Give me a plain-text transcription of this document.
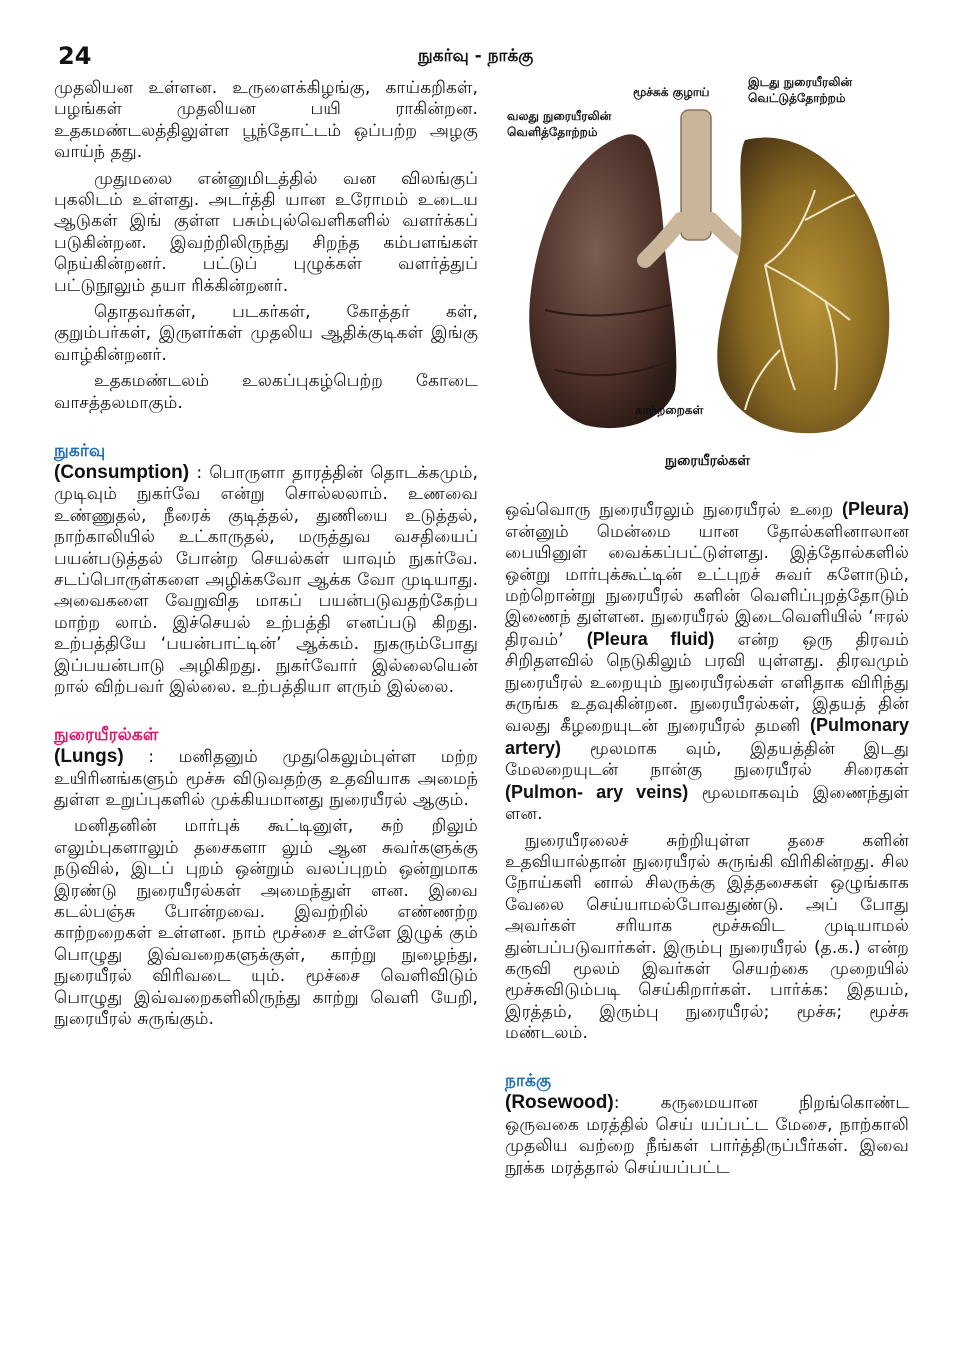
24	நுகர்வு - நாக்கு

முதலியன உள்ளன. உருளைக்கிழங்கு, காய்கறிகள், பழங்கள் முதலியன பயி ராகின்றன. உதகமண்டலத்திலுள்ள பூந்தோட்டம் ஒப்பற்ற அழகு வாய்ந் தது.

முதுமலை என்னுமிடத்தில் வன விலங்குப் புகலிடம் உள்ளது. அடர்த்தி யான உரோமம் உடைய ஆடுகள் இங் குள்ள பசும்புல்வெளிகளில் வளர்க்கப் படுகின்றன. இவற்றிலிருந்து சிறந்த கம்பளங்கள் நெய்கின்றனர். பட்டுப் புழுக்கள் வளர்த்துப் பட்டுநூலும் தயா ரிக்கின்றனர்.

தொதவர்கள், படகர்கள், கோத்தர் கள், குறும்பர்கள், இருளர்கள் முதலிய ஆதிக்குடிகள் இங்கு வாழ்கின்றனர்.

உதகமண்டலம் உலகப்புகழ்பெற்ற கோடை வாசத்தலமாகும்.

நுகர்வு
(Consumption) : பொருளா தாரத்தின் தொடக்கமும், முடிவும் நுகர்வே என்று சொல்லலாம். உணவை உண்ணுதல், நீரைக் குடித்தல், துணியை உடுத்தல், நாற்காலியில் உட்காருதல், மருத்துவ வசதியைப் பயன்படுத்தல் போன்ற செயல்கள் யாவும் நுகர்வே. சடப்பொருள்களை அழிக்கவோ ஆக்க வோ முடியாது. அவைகளை வேறுவித மாகப் பயன்படுவதற்கேற்ப மாற்ற லாம். இச்செயல் உற்பத்தி எனப்படு கிறது. உற்பத்தியே ‘பயன்பாட்டின்’ ஆக்கம். நுகரும்போது இப்பயன்பாடு அழிகிறது. நுகர்வோர் இல்லையென் றால் விற்பவர் இல்லை. உற்பத்தியா ளரும் இல்லை.

நுரையீரல்கள்
(Lungs) : மனிதனும் முதுகெலும்புள்ள மற்ற உயிரினங்களும் மூச்சு விடுவதற்கு உதவியாக அமைந் துள்ள உறுப்புகளில் முக்கியமானது நுரையீரல் ஆகும்.

மனிதனின் மார்புக் கூட்டினுள், சுற் றிலும் எலும்புகளாலும் தசைகளா லும் ஆன சுவர்களுக்கு நடுவில், இடப் புறம் ஒன்றும் வலப்புறம் ஒன்றுமாக இரண்டு நுரையீரல்கள் அமைந்துள் ளன. இவை கடல்பஞ்சு போன்றவை. இவற்றில் எண்ணற்ற காற்றறைகள் உள்ளன. நாம் மூச்சை உள்ளே இழுக் கும் பொழுது இவ்வறைகளுக்குள், காற்று நுழைந்து, நுரையீரல் விரிவடை யும். மூச்சை வெளிவிடும் பொழுது இவ்வறைகளிலிருந்து காற்று வெளி யேறி, நுரையீரல் சுருங்கும்.

மூச்சுக் குழாய்
இடது நுரையீரலின் வெட்டுத்தோற்றம்
வலது நுரையீரலின் வெளித்தோற்றம்
காற்றறைகள்
நுரையீரல்கள்

ஒவ்வொரு நுரையீரலும் நுரையீரல் உறை (Pleura) என்னும் மென்மை யான தோல்களினாலான பையினுள் வைக்கப்பட்டுள்ளது. இத்தோல்களில் ஒன்று மார்புக்கூட்டின் உட்புறச் சுவர் களோடும், மற்றொன்று நுரையீரல் களின் வெளிப்புறத்தோடும் இணைந் துள்ளன. நுரையீரல் இடைவெளியில் ‘ஈரல் திரவம்’ (Pleura fluid) என்ற ஒரு திரவம் சிறிதளவில் நெடுகிலும் பரவி யுள்ளது. திரவமும் நுரையீரல் உறையும் நுரையீரல்கள் எளிதாக விரிந்து சுருங்க உதவுகின்றன. நுரையீரல்கள், இதயத் தின் வலது கீழறையுடன் நுரையீரல் தமனி (Pulmonary artery) மூலமாக வும், இதயத்தின் இடது மேலறையுடன் நான்கு நுரையீரல் சிரைகள் (Pulmon- ary veins) மூலமாகவும் இணைந்துள் ளன.

நுரையீரலைச் சுற்றியுள்ள தசை களின் உதவியால்தான் நுரையீரல் சுருங்கி விரிகின்றது. சில நோய்களி னால் சிலருக்கு இத்தசைகள் ஒழுங்காக வேலை செய்யாமல்போவதுண்டு. அப் போது அவர்கள் சரியாக மூச்சுவிட முடியாமல் துன்பப்படுவார்கள். இரும்பு நுரையீரல் (த.க.) என்ற கருவி மூலம் இவர்கள் செயற்கை முறையில் மூச்சுவிடும்படி செய்கிறார்கள். பார்க்க: இதயம், இரத்தம், இரும்பு நுரையீரல்; மூச்சு; மூச்சு மண்டலம்.

நாக்கு
(Rosewood): கருமையான நிறங்கொண்ட ஒருவகை மரத்தில் செய் யப்பட்ட மேசை, நாற்காலி முதலிய வற்றை நீங்கள் பார்த்திருப்பீர்கள். இவை நூக்க மரத்தால் செய்யப்பட்ட
